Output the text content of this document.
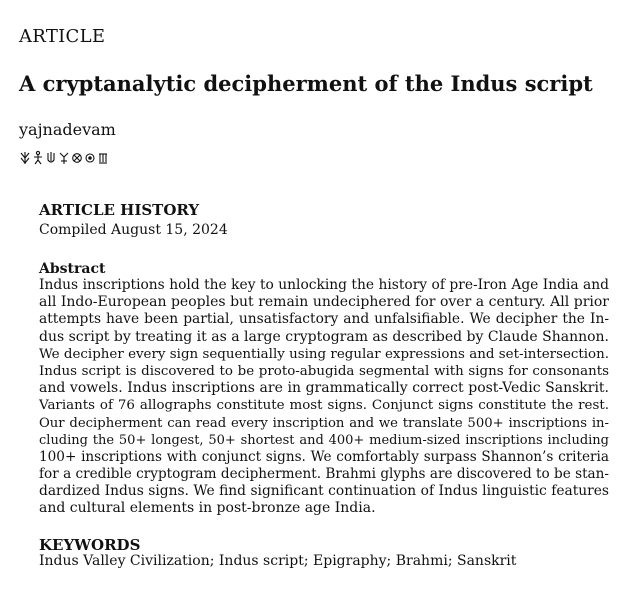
ARTICLE
A cryptanalytic decipherment of the Indus script
yajnadevam
ARTICLE HISTORY
Compiled August 15, 2024
Abstract
Indus inscriptions hold the key to unlocking the history of pre-Iron Age India and
all Indo-European peoples but remain undeciphered for over a century. All prior
attempts have been partial, unsatisfactory and unfalsifiable. We decipher the In-
dus script by treating it as a large cryptogram as described by Claude Shannon.
We decipher every sign sequentially using regular expressions and set-intersection.
Indus script is discovered to be proto-abugida segmental with signs for consonants
and vowels. Indus inscriptions are in grammatically correct post-Vedic Sanskrit.
Variants of 76 allographs constitute most signs. Conjunct signs constitute the rest.
Our decipherment can read every inscription and we translate 500+ inscriptions in-
cluding the 50+ longest, 50+ shortest and 400+ medium-sized inscriptions including
100+ inscriptions with conjunct signs. We comfortably surpass Shannon’s criteria
for a credible cryptogram decipherment. Brahmi glyphs are discovered to be stan-
dardized Indus signs. We find significant continuation of Indus linguistic features
and cultural elements in post-bronze age India.
KEYWORDS
Indus Valley Civilization; Indus script; Epigraphy; Brahmi; Sanskrit
